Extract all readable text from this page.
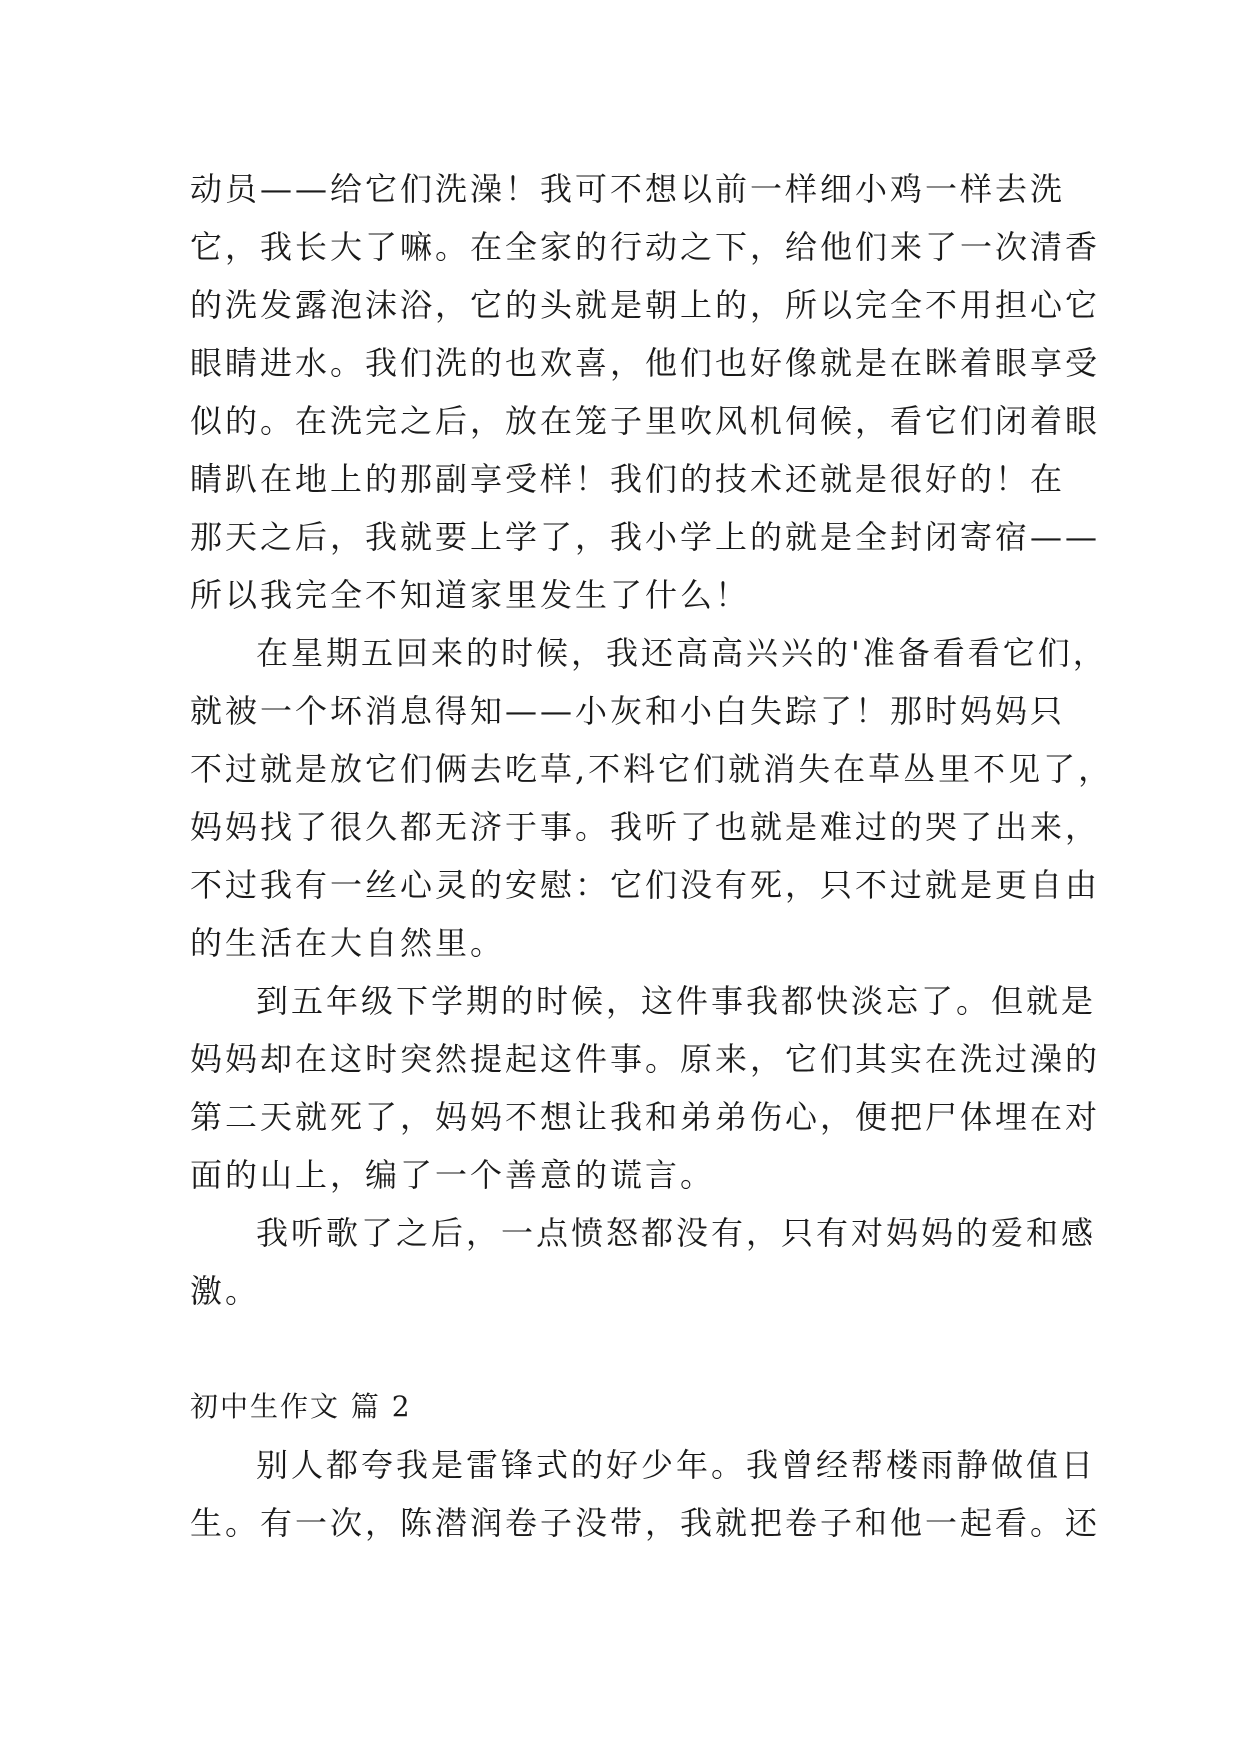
动员——给它们洗澡！我可不想以前一样细小鸡一样去洗
它，我长大了嘛。在全家的行动之下，给他们来了一次清香
的洗发露泡沫浴，它的头就是朝上的，所以完全不用担心它
眼睛进水。我们洗的也欢喜，他们也好像就是在眯着眼享受
似的。在洗完之后，放在笼子里吹风机伺候，看它们闭着眼
睛趴在地上的那副享受样！我们的技术还就是很好的！在
那天之后，我就要上学了，我小学上的就是全封闭寄宿——
所以我完全不知道家里发生了什么！
在星期五回来的时候，我还高高兴兴的'准备看看它们，
就被一个坏消息得知——小灰和小白失踪了！那时妈妈只
不过就是放它们俩去吃草,不料它们就消失在草丛里不见了，
妈妈找了很久都无济于事。我听了也就是难过的哭了出来，
不过我有一丝心灵的安慰：它们没有死，只不过就是更自由
的生活在大自然里。
到五年级下学期的时候，这件事我都快淡忘了。但就是
妈妈却在这时突然提起这件事。原来，它们其实在洗过澡的
第二天就死了，妈妈不想让我和弟弟伤心，便把尸体埋在对
面的山上，编了一个善意的谎言。
我听歌了之后，一点愤怒都没有，只有对妈妈的爱和感
激。
初中生作文 篇 2
别人都夸我是雷锋式的好少年。我曾经帮楼雨静做值日
生。有一次，陈潜润卷子没带，我就把卷子和他一起看。还
